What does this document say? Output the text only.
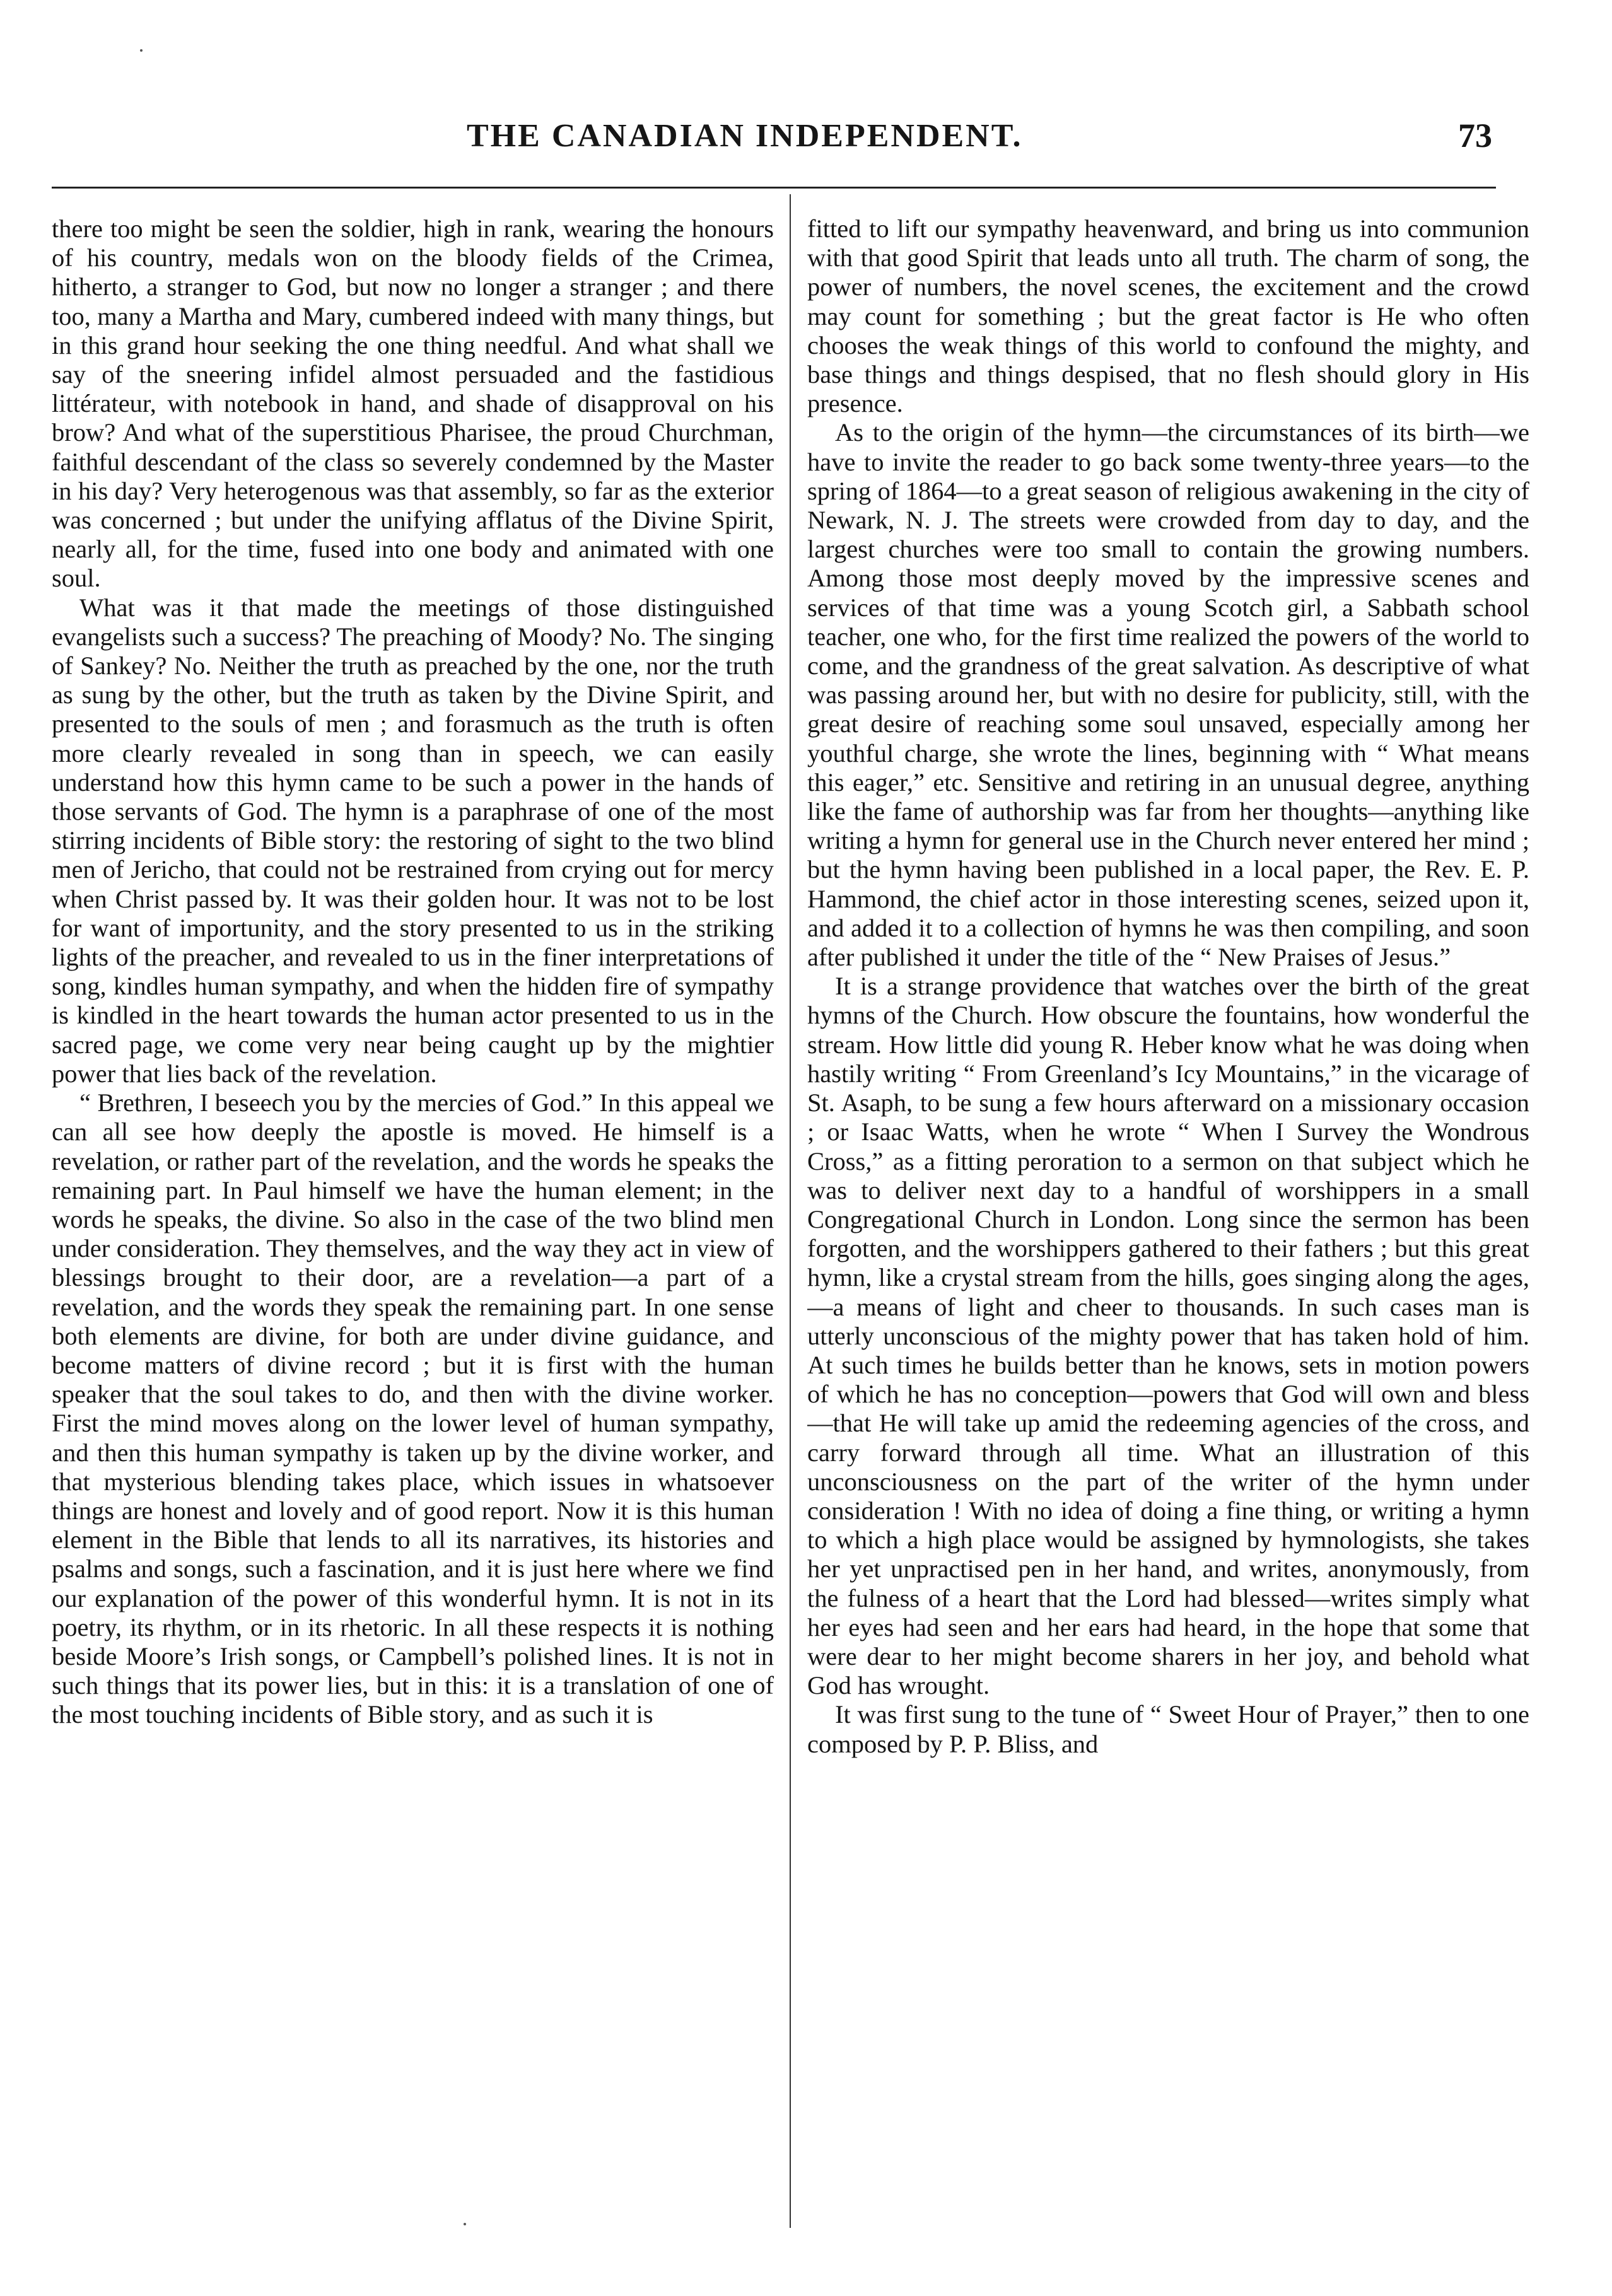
THE CANADIAN INDEPENDENT.	73

there too might be seen the soldier, high in rank, wearing the honours of his country, medals won on the bloody fields of the Crimea, hitherto, a stranger to God, but now no longer a stranger ; and there too, many a Martha and Mary, cumbered indeed with many things, but in this grand hour seeking the one thing needful. And what shall we say of the sneering infidel almost persuaded and the fastidious littérateur, with notebook in hand, and shade of disapproval on his brow? And what of the superstitious Pharisee, the proud Churchman, faithful descendant of the class so severely condemned by the Master in his day? Very heterogenous was that assembly, so far as the exterior was concerned ; but under the unifying afflatus of the Divine Spirit, nearly all, for the time, fused into one body and animated with one soul.

What was it that made the meetings of those distinguished evangelists such a success? The preaching of Moody? No. The singing of Sankey? No. Neither the truth as preached by the one, nor the truth as sung by the other, but the truth as taken by the Divine Spirit, and presented to the souls of men ; and forasmuch as the truth is often more clearly revealed in song than in speech, we can easily understand how this hymn came to be such a power in the hands of those servants of God. The hymn is a paraphrase of one of the most stirring incidents of Bible story: the restoring of sight to the two blind men of Jericho, that could not be restrained from crying out for mercy when Christ passed by. It was their golden hour. It was not to be lost for want of importunity, and the story presented to us in the striking lights of the preacher, and revealed to us in the finer interpretations of song, kindles human sympathy, and when the hidden fire of sympathy is kindled in the heart towards the human actor presented to us in the sacred page, we come very near being caught up by the mightier power that lies back of the revelation.

“ Brethren, I beseech you by the mercies of God.” In this appeal we can all see how deeply the apostle is moved. He himself is a revelation, or rather part of the revelation, and the words he speaks the remaining part. In Paul himself we have the human element; in the words he speaks, the divine. So also in the case of the two blind men under consideration. They themselves, and the way they act in view of blessings brought to their door, are a revelation—a part of a revelation, and the words they speak the remaining part. In one sense both elements are divine, for both are under divine guidance, and become matters of divine record ; but it is first with the human speaker that the soul takes to do, and then with the divine worker. First the mind moves along on the lower level of human sympathy, and then this human sympathy is taken up by the divine worker, and that mysterious blending takes place, which issues in whatsoever things are honest and lovely and of good report. Now it is this human element in the Bible that lends to all its narratives, its histories and psalms and songs, such a fascination, and it is just here where we find our explanation of the power of this wonderful hymn. It is not in its poetry, its rhythm, or in its rhetoric. In all these respects it is nothing beside Moore’s Irish songs, or Campbell’s polished lines. It is not in such things that its power lies, but in this: it is a translation of one of the most touching incidents of Bible story, and as such it is

fitted to lift our sympathy heavenward, and bring us into communion with that good Spirit that leads unto all truth. The charm of song, the power of numbers, the novel scenes, the excitement and the crowd may count for something ; but the great factor is He who often chooses the weak things of this world to confound the mighty, and base things and things despised, that no flesh should glory in His presence.

As to the origin of the hymn—the circumstances of its birth—we have to invite the reader to go back some twenty-three years—to the spring of 1864—to a great season of religious awakening in the city of Newark, N. J. The streets were crowded from day to day, and the largest churches were too small to contain the growing numbers. Among those most deeply moved by the impressive scenes and services of that time was a young Scotch girl, a Sabbath school teacher, one who, for the first time realized the powers of the world to come, and the grandness of the great salvation. As descriptive of what was passing around her, but with no desire for publicity, still, with the great desire of reaching some soul unsaved, especially among her youthful charge, she wrote the lines, beginning with “ What means this eager,” etc. Sensitive and retiring in an unusual degree, anything like the fame of authorship was far from her thoughts—anything like writing a hymn for general use in the Church never entered her mind ; but the hymn having been published in a local paper, the Rev. E. P. Hammond, the chief actor in those interesting scenes, seized upon it, and added it to a collection of hymns he was then compiling, and soon after published it under the title of the “ New Praises of Jesus.”

It is a strange providence that watches over the birth of the great hymns of the Church. How obscure the fountains, how wonderful the stream. How little did young R. Heber know what he was doing when hastily writing “ From Greenland’s Icy Mountains,” in the vicarage of St. Asaph, to be sung a few hours afterward on a missionary occasion ; or Isaac Watts, when he wrote “ When I Survey the Wondrous Cross,” as a fitting peroration to a sermon on that subject which he was to deliver next day to a handful of worshippers in a small Congregational Church in London. Long since the sermon has been forgotten, and the worshippers gathered to their fathers ; but this great hymn, like a crystal stream from the hills, goes singing along the ages,—a means of light and cheer to thousands. In such cases man is utterly unconscious of the mighty power that has taken hold of him. At such times he builds better than he knows, sets in motion powers of which he has no conception—powers that God will own and bless—that He will take up amid the redeeming agencies of the cross, and carry forward through all time. What an illustration of this unconsciousness on the part of the writer of the hymn under consideration ! With no idea of doing a fine thing, or writing a hymn to which a high place would be assigned by hymnologists, she takes her yet unpractised pen in her hand, and writes, anonymously, from the fulness of a heart that the Lord had blessed—writes simply what her eyes had seen and her ears had heard, in the hope that some that were dear to her might become sharers in her joy, and behold what God has wrought.

It was first sung to the tune of “ Sweet Hour of Prayer,” then to one composed by P. P. Bliss, and
